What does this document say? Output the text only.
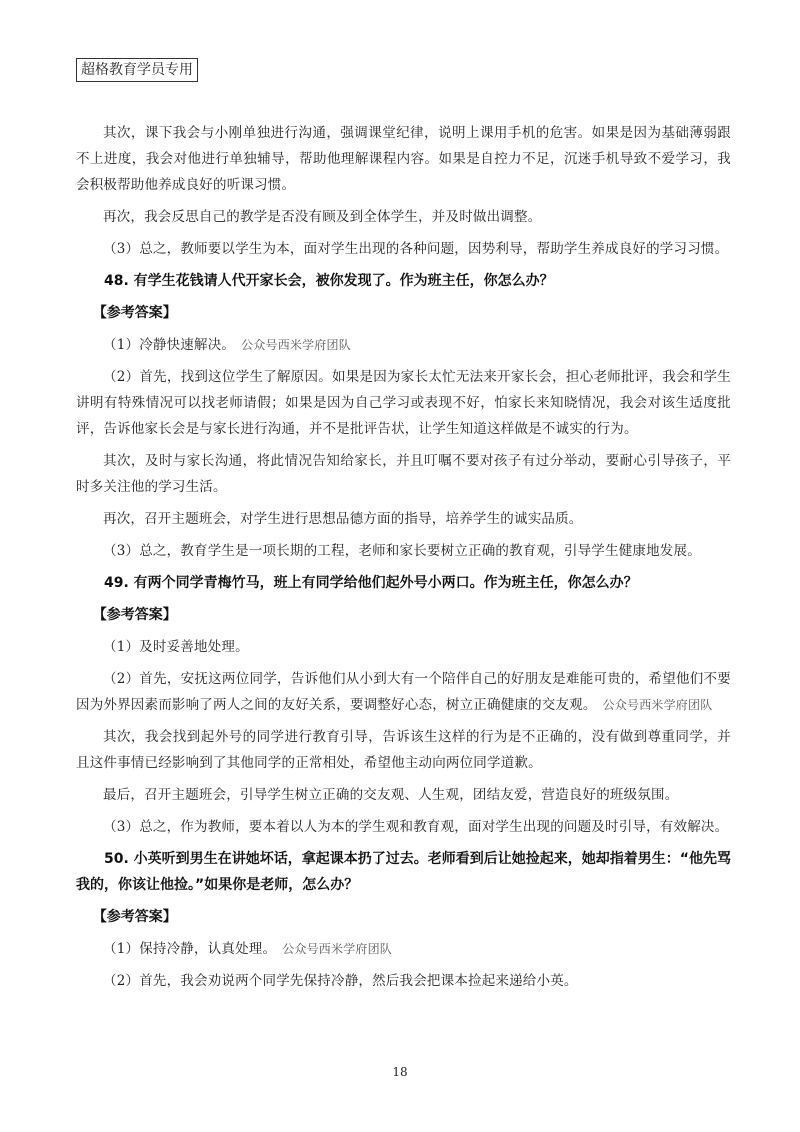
超格教育学员专用

其次，课下我会与小刚单独进行沟通，强调课堂纪律，说明上课用手机的危害。如果是因为基础薄弱跟不上进度，我会对他进行单独辅导，帮助他理解课程内容。如果是自控力不足，沉迷手机导致不爱学习，我会积极帮助他养成良好的听课习惯。

再次，我会反思自己的教学是否没有顾及到全体学生，并及时做出调整。

（3）总之，教师要以学生为本，面对学生出现的各种问题，因势利导，帮助学生养成良好的学习习惯。

48. 有学生花钱请人代开家长会，被你发现了。作为班主任，你怎么办？

【参考答案】

（1）冷静快速解决。 公众号西米学府团队

（2）首先，找到这位学生了解原因。如果是因为家长太忙无法来开家长会，担心老师批评，我会和学生讲明有特殊情况可以找老师请假；如果是因为自己学习或表现不好，怕家长来知晓情况，我会对该生适度批评，告诉他家长会是与家长进行沟通，并不是批评告状，让学生知道这样做是不诚实的行为。

其次，及时与家长沟通，将此情况告知给家长，并且叮嘱不要对孩子有过分举动，要耐心引导孩子，平时多关注他的学习生活。

再次，召开主题班会，对学生进行思想品德方面的指导，培养学生的诚实品质。

（3）总之，教育学生是一项长期的工程，老师和家长要树立正确的教育观，引导学生健康地发展。

49. 有两个同学青梅竹马，班上有同学给他们起外号小两口。作为班主任，你怎么办？

【参考答案】

（1）及时妥善地处理。

（2）首先，安抚这两位同学，告诉他们从小到大有一个陪伴自己的好朋友是难能可贵的，希望他们不要因为外界因素而影响了两人之间的友好关系，要调整好心态，树立正确健康的交友观。 公众号西米学府团队

其次，我会找到起外号的同学进行教育引导，告诉该生这样的行为是不正确的，没有做到尊重同学，并且这件事情已经影响到了其他同学的正常相处，希望他主动向两位同学道歉。

最后，召开主题班会，引导学生树立正确的交友观、人生观，团结友爱，营造良好的班级氛围。

（3）总之，作为教师，要本着以人为本的学生观和教育观，面对学生出现的问题及时引导，有效解决。

50. 小英听到男生在讲她坏话，拿起课本扔了过去。老师看到后让她捡起来，她却指着男生：“他先骂我的，你该让他捡。”如果你是老师，怎么办？

【参考答案】

（1）保持冷静，认真处理。 公众号西米学府团队

（2）首先，我会劝说两个同学先保持冷静，然后我会把课本捡起来递给小英。

18
